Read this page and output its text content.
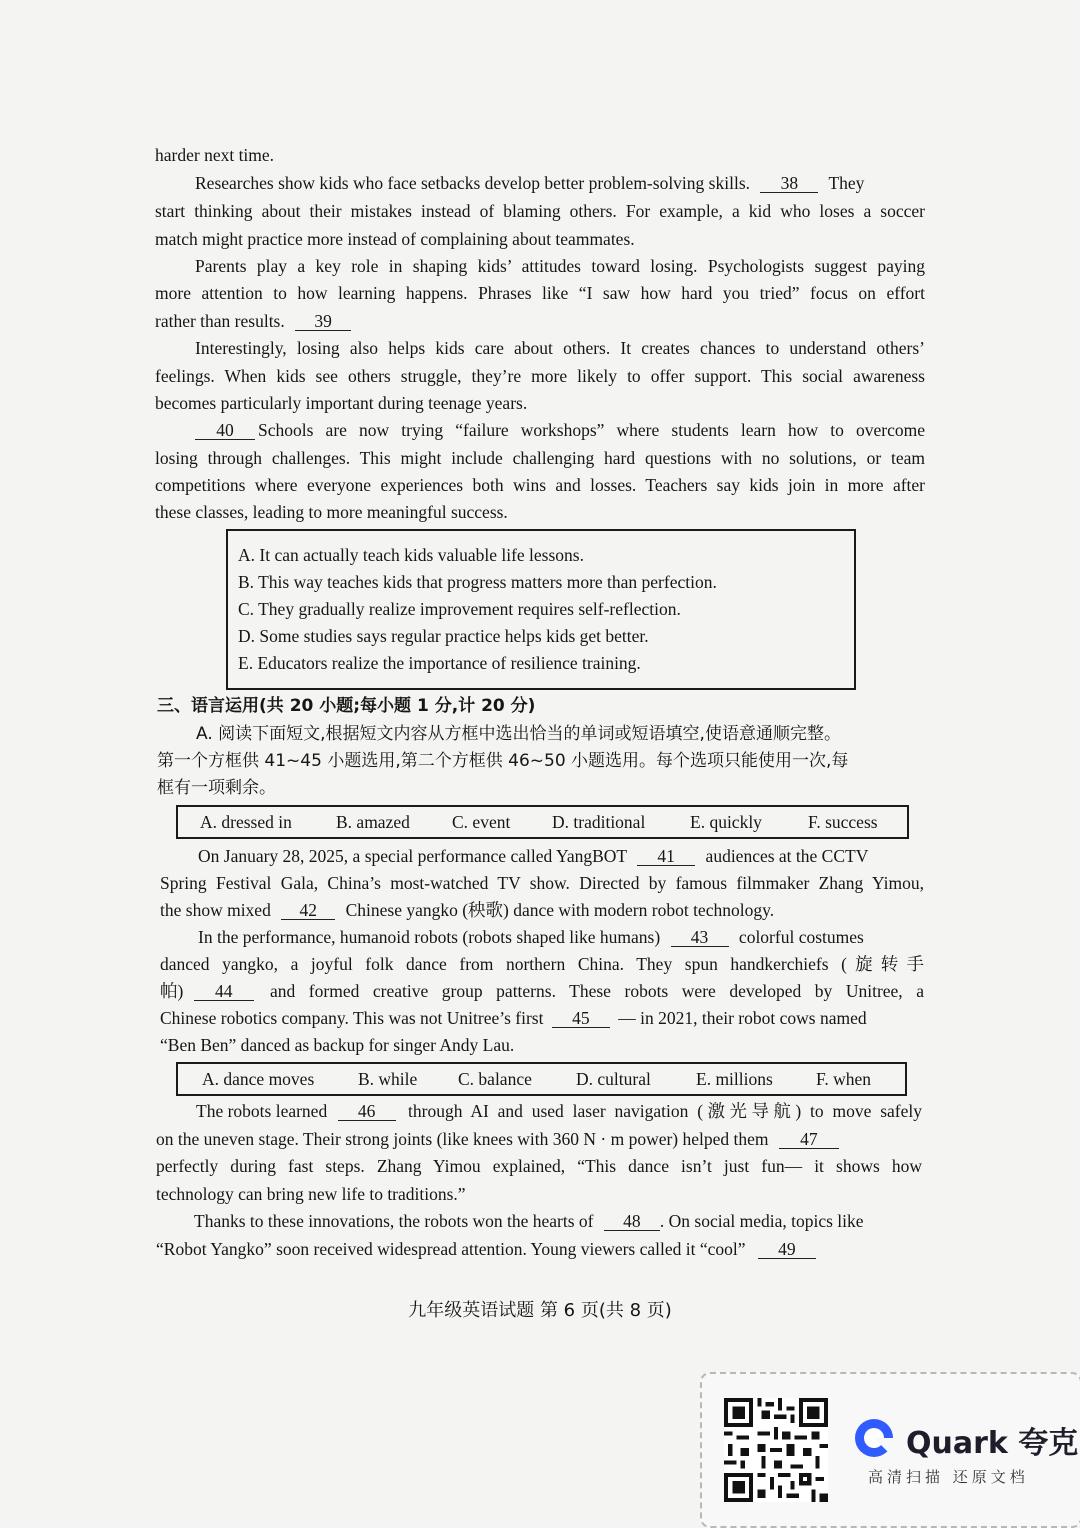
harder next time.
Researches show kids who face setbacks develop better problem-solving skills. 38 They
start thinking about their mistakes instead of blaming others. For example, a kid who loses a soccer
match might practice more instead of complaining about teammates.
Parents play a key role in shaping kids’ attitudes toward losing. Psychologists suggest paying
more attention to how learning happens. Phrases like “I saw how hard you tried” focus on effort
rather than results. 39
Interestingly, losing also helps kids care about others. It creates chances to understand others’
feelings. When kids see others struggle, they’re more likely to offer support. This social awareness
becomes particularly important during teenage years.
40	Schools are now trying “failure workshops” where students learn how to overcome
losing through challenges. This might include challenging hard questions with no solutions, or team
competitions where everyone experiences both wins and losses. Teachers say kids join in more after
these classes, leading to more meaningful success.
A. It can actually teach kids valuable life lessons.
B. This way teaches kids that progress matters more than perfection.
C. They gradually realize improvement requires self-reflection.
D. Some studies says regular practice helps kids get better.
E. Educators realize the importance of resilience training.
三、语言运用(共 20 小题;每小题 1 分,计 20 分)
A. 阅读下面短文,根据短文内容从方框中选出恰当的单词或短语填空,使语意通顺完整。
第一个方框供 41~45 小题选用,第二个方框供 46~50 小题选用。每个选项只能使用一次,每
框有一项剩余。
A. dressed in	B. amazed C. event D. traditional	E. quickly	F. success
On January 28, 2025, a special performance called YangBOT 41 audiences at the CCTV
Spring Festival Gala, China’s most-watched TV show. Directed by famous filmmaker Zhang Yimou,
the show mixed 42 Chinese yangko (秧歌) dance with modern robot technology.
In the performance, humanoid robots (robots shaped like humans) 43 colorful costumes
danced yangko, a joyful folk dance from northern China. They spun handkerchiefs (旋转手
帕) 44	and formed creative group patterns. These robots were developed by Unitree, a
Chinese robotics company. This was not Unitree’s first 45 — in 2021, their robot cows named
“Ben Ben” danced as backup for singer Andy Lau.
A. dance moves B. while C. balance	D. cultural	E. millions F. when
The robots learned 46	through AI and used laser navigation (激光导航) to move safely
on the uneven stage. Their strong joints (like knees with 360 N · m power) helped them 47
perfectly during fast steps. Zhang Yimou explained, “This dance isn’t just fun— it shows how
technology can bring new life to traditions.”
Thanks to these innovations, the robots won the hearts of 48 . On social media, topics like
“Robot Yangko” soon received widespread attention. Young viewers called it “cool” 49
九年级英语试题 第 6 页(共 8 页)
Quark 夸克
高清扫描 还原文档
